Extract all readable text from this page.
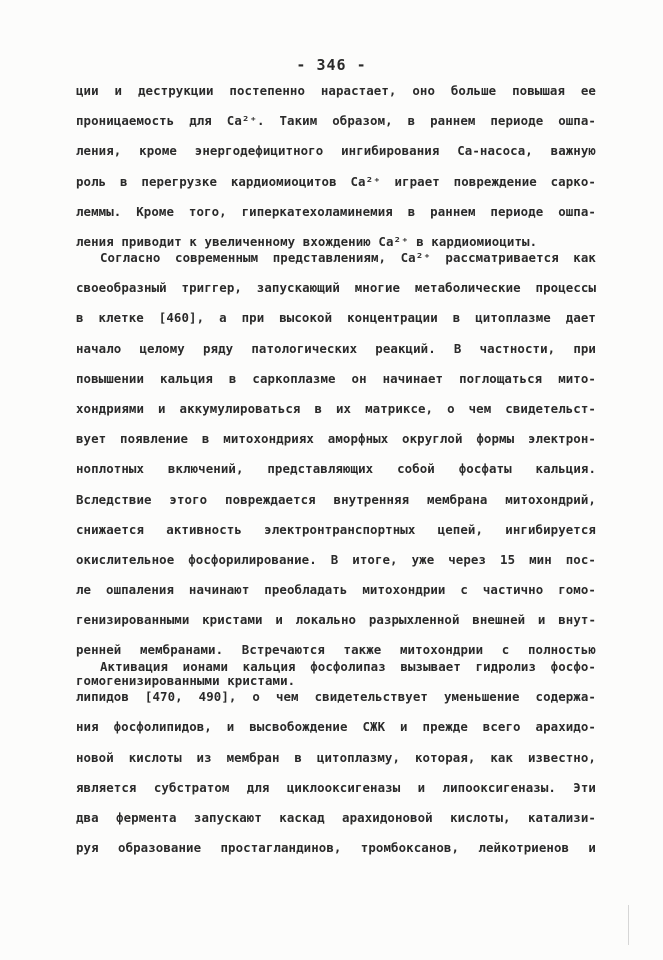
- 346 -
ции и деструкции постепенно нарастает, оно больше повышая ее
проницаемость для Ca²⁺. Таким образом, в раннем периоде ошпа-
ления, кроме энергодефицитного ингибирования Ca-насоса, важную
роль в перегрузке кардиомиоцитов Ca²⁺ играет повреждение сарко-
леммы. Кроме того, гиперкатехоламинемия в раннем периоде ошпа-
ления приводит к увеличенному вхождению Ca²⁺ в кардиомиоциты.
Согласно современным представлениям, Ca²⁺ рассматривается как
своеобразный триггер, запускающий многие метаболические процессы
в клетке [460], а при высокой концентрации в цитоплазме дает
начало целому ряду патологических реакций. В частности, при
повышении кальция в саркоплазме он начинает поглощаться мито-
хондриями и аккумулироваться в их матриксе, о чем свидетельст-
вует появление в митохондриях аморфных округлой формы электрон-
ноплотных включений, представляющих собой фосфаты кальция.
Вследствие этого повреждается внутренняя мембрана митохондрий,
снижается активность электронтранспортных цепей, ингибируется
окислительное фосфорилирование. В итоге, уже через 15 мин пос-
ле ошпаления начинают преобладать митохондрии с частично гомо-
генизированными кристами и локально разрыхленной внешней и внут-
ренней мембранами. Встречаются также митохондрии с полностью
гомогенизированными кристами.
Активация ионами кальция фосфолипаз вызывает гидролиз фосфо-
липидов [470, 490], о чем свидетельствует уменьшение содержа-
ния фосфолипидов, и высвобождение СЖК и прежде всего арахидо-
новой кислоты из мембран в цитоплазму, которая, как известно,
является субстратом для циклооксигеназы и липооксигеназы. Эти
два фермента запускают каскад арахидоновой кислоты, катализи-
руя образование простагландинов, тромбоксанов, лейкотриенов и
